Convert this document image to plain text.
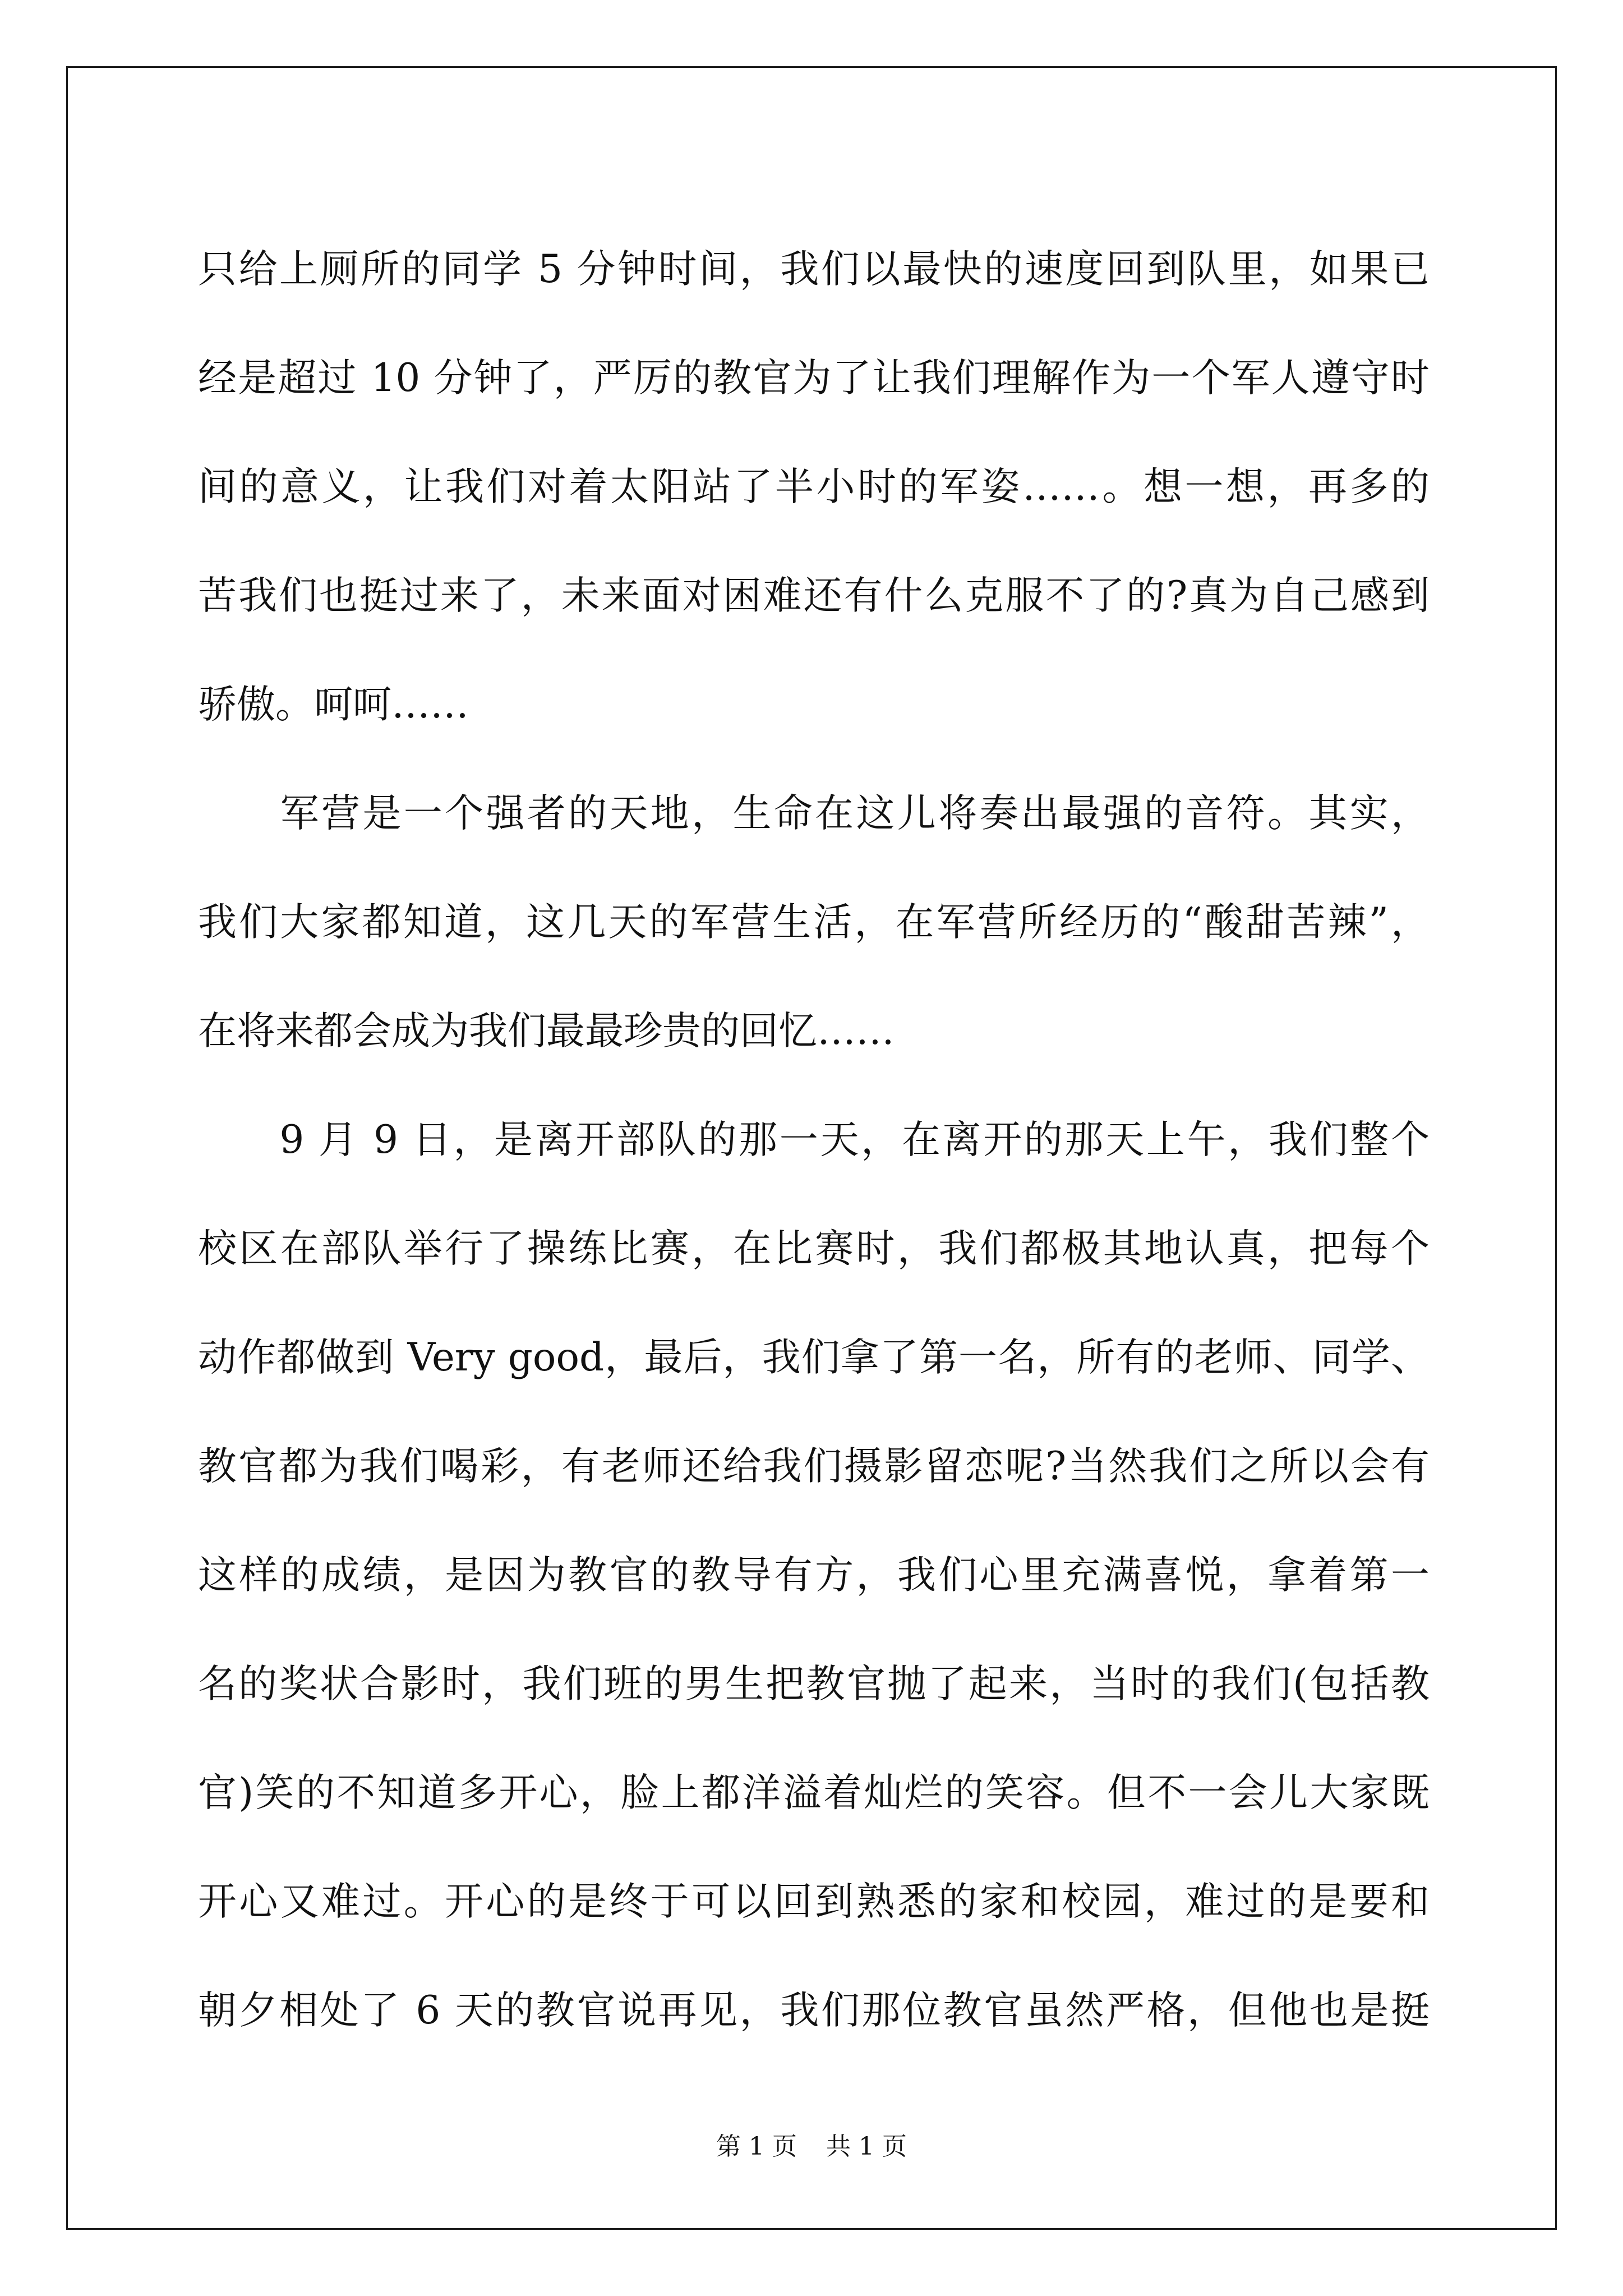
只给上厕所的同学 5 分钟时间，我们以最快的速度回到队里，如果已
经是超过 10 分钟了，严厉的教官为了让我们理解作为一个军人遵守时
间的意义，让我们对着太阳站了半小时的军姿……。想一想，再多的
苦我们也挺过来了，未来面对困难还有什么克服不了的?真为自己感到
骄傲。呵呵……
　　军营是一个强者的天地，生命在这儿将奏出最强的音符。其实，
我们大家都知道，这几天的军营生活，在军营所经历的“酸甜苦辣”，
在将来都会成为我们最最珍贵的回忆……
　　9 月 9 日，是离开部队的那一天，在离开的那天上午，我们整个
校区在部队举行了操练比赛，在比赛时，我们都极其地认真，把每个
动作都做到 Very good，最后，我们拿了第一名，所有的老师、同学、
教官都为我们喝彩，有老师还给我们摄影留恋呢?当然我们之所以会有
这样的成绩，是因为教官的教导有方，我们心里充满喜悦，拿着第一
名的奖状合影时，我们班的男生把教官抛了起来，当时的我们(包括教
官)笑的不知道多开心，脸上都洋溢着灿烂的笑容。但不一会儿大家既
开心又难过。开心的是终于可以回到熟悉的家和校园，难过的是要和
朝夕相处了 6 天的教官说再见，我们那位教官虽然严格，但他也是挺
第 1 页 共 1 页
